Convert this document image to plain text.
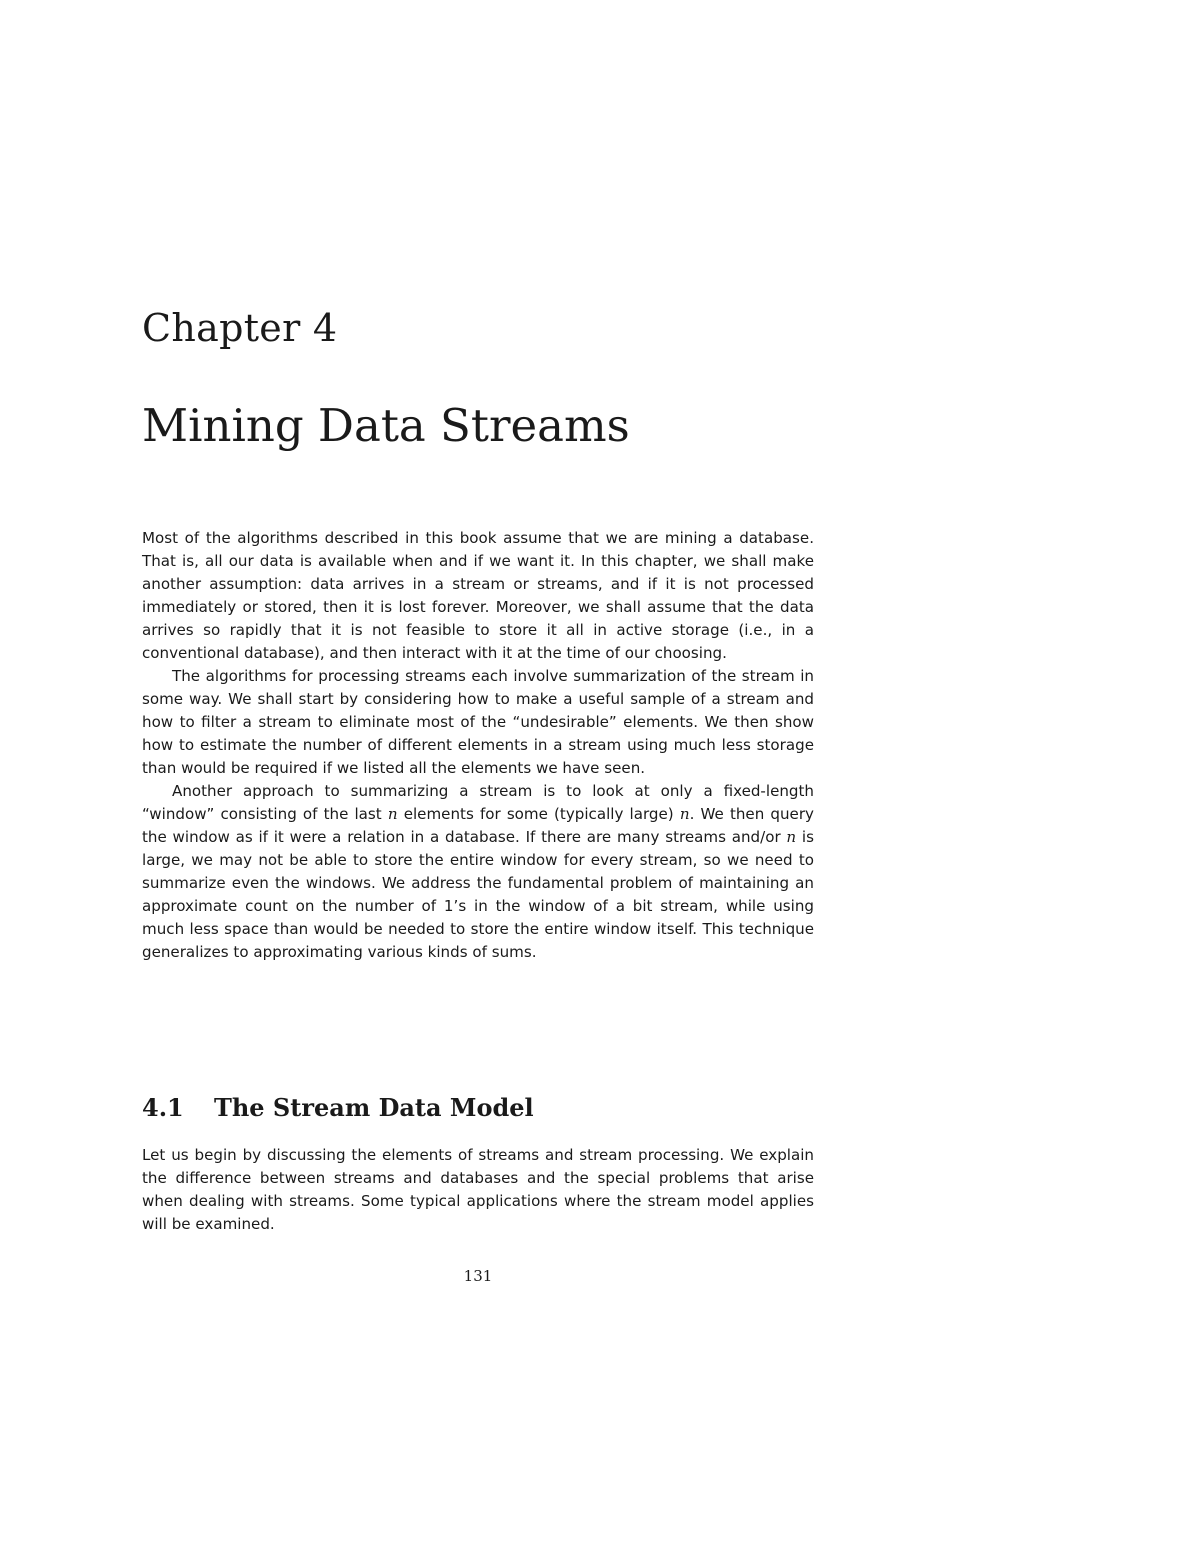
Chapter 4
Mining Data Streams

Most of the algorithms described in this book assume that we are mining a database. That is, all our data is available when and if we want it. In this chapter, we shall make another assumption: data arrives in a stream or streams, and if it is not processed immediately or stored, then it is lost forever. Moreover, we shall assume that the data arrives so rapidly that it is not feasible to store it all in active storage (i.e., in a conventional database), and then interact with it at the time of our choosing.

The algorithms for processing streams each involve summarization of the stream in some way. We shall start by considering how to make a useful sample of a stream and how to filter a stream to eliminate most of the “undesirable” elements. We then show how to estimate the number of different elements in a stream using much less storage than would be required if we listed all the elements we have seen.

Another approach to summarizing a stream is to look at only a fixed-length “window” consisting of the last n elements for some (typically large) n. We then query the window as if it were a relation in a database. If there are many streams and/or n is large, we may not be able to store the entire window for every stream, so we need to summarize even the windows. We address the fundamental problem of maintaining an approximate count on the number of 1’s in the window of a bit stream, while using much less space than would be needed to store the entire window itself. This technique generalizes to approximating various kinds of sums.

4.1 The Stream Data Model

Let us begin by discussing the elements of streams and stream processing. We explain the difference between streams and databases and the special problems that arise when dealing with streams. Some typical applications where the stream model applies will be examined.

131
